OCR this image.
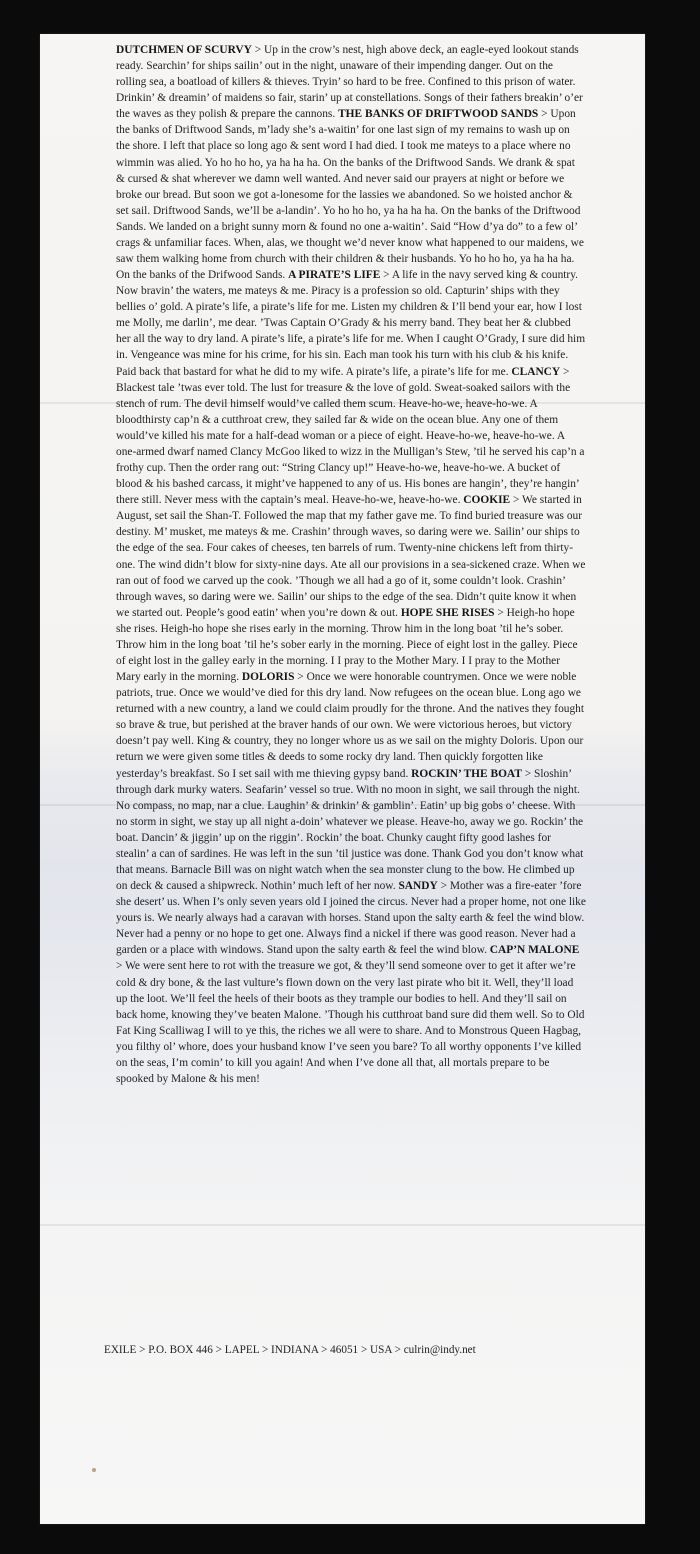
DUTCHMEN OF SCURVY > Up in the crow’s nest, high above deck, an eagle-eyed lookout stands ready. Searchin’ for ships sailin’ out in the night, unaware of their impending danger. Out on the rolling sea, a boatload of killers & thieves. Tryin’ so hard to be free. Confined to this prison of water. Drinkin’ & dreamin’ of maidens so fair, starin’ up at constellations. Songs of their fathers breakin’ o’er the waves as they polish & prepare the cannons. THE BANKS OF DRIFTWOOD SANDS > Upon the banks of Driftwood Sands, m’lady she’s a-waitin’ for one last sign of my remains to wash up on the shore. I left that place so long ago & sent word I had died. I took me mateys to a place where no wimmin was alied. Yo ho ho ho, ya ha ha ha. On the banks of the Driftwood Sands. We drank & spat & cursed & shat wherever we damn well wanted. And never said our prayers at night or before we broke our bread. But soon we got a-lonesome for the lassies we abandoned. So we hoisted anchor & set sail. Driftwood Sands, we’ll be a-landin’. Yo ho ho ho, ya ha ha ha. On the banks of the Driftwood Sands. We landed on a bright sunny morn & found no one a-waitin’. Said “How d’ya do” to a few ol’ crags & unfamiliar faces. When, alas, we thought we’d never know what happened to our maidens, we saw them walking home from church with their children & their husbands. Yo ho ho ho, ya ha ha ha. On the banks of the Drifwood Sands. A PIRATE’S LIFE > A life in the navy served king & country. Now bravin’ the waters, me mateys & me. Piracy is a profession so old. Capturin’ ships with they bellies o’ gold. A pirate’s life, a pirate’s life for me. Listen my children & I’ll bend your ear, how I lost me Molly, me darlin’, me dear. ’Twas Captain O’Grady & his merry band. They beat her & clubbed her all the way to dry land. A pirate’s life, a pirate’s life for me. When I caught O’Grady, I sure did him in. Vengeance was mine for his crime, for his sin. Each man took his turn with his club & his knife. Paid back that bastard for what he did to my wife. A pirate’s life, a pirate’s life for me. CLANCY > Blackest tale ’twas ever told. The lust for treasure & the love of gold. Sweat-soaked sailors with the stench of rum. The devil himself would’ve called them scum. Heave-ho-we, heave-ho-we. A bloodthirsty cap’n & a cutthroat crew, they sailed far & wide on the ocean blue. Any one of them would’ve killed his mate for a half-dead woman or a piece of eight. Heave-ho-we, heave-ho-we. A one-armed dwarf named Clancy McGoo liked to wizz in the Mulligan’s Stew, ’til he served his cap’n a frothy cup. Then the order rang out: “String Clancy up!” Heave-ho-we, heave-ho-we. A bucket of blood & his bashed carcass, it might’ve happened to any of us. His bones are hangin’, they’re hangin’ there still. Never mess with the captain’s meal. Heave-ho-we, heave-ho-we. COOKIE > We started in August, set sail the Shan-T. Followed the map that my father gave me. To find buried treasure was our destiny. M’ musket, me mateys & me. Crashin’ through waves, so daring were we. Sailin’ our ships to the edge of the sea. Four cakes of cheeses, ten barrels of rum. Twenty-nine chickens left from thirty-one. The wind didn’t blow for sixty-nine days. Ate all our provisions in a sea-sickened craze. When we ran out of food we carved up the cook. ’Though we all had a go of it, some couldn’t look. Crashin’ through waves, so daring were we. Sailin’ our ships to the edge of the sea. Didn’t quite know it when we started out. People’s good eatin’ when you’re down & out. HOPE SHE RISES > Heigh-ho hope she rises. Heigh-ho hope she rises early in the morning. Throw him in the long boat ’til he’s sober. Throw him in the long boat ’til he’s sober early in the morning. Piece of eight lost in the galley. Piece of eight lost in the galley early in the morning. I I pray to the Mother Mary. I I pray to the Mother Mary early in the morning. DOLORIS > Once we were honorable countrymen. Once we were noble patriots, true. Once we would’ve died for this dry land. Now refugees on the ocean blue. Long ago we returned with a new country, a land we could claim proudly for the throne. And the natives they fought so brave & true, but perished at the braver hands of our own. We were victorious heroes, but victory doesn’t pay well. King & country, they no longer whore us as we sail on the mighty Doloris. Upon our return we were given some titles & deeds to some rocky dry land. Then quickly forgotten like yesterday’s breakfast. So I set sail with me thieving gypsy band. ROCKIN’ THE BOAT > Sloshin’ through dark murky waters. Seafarin’ vessel so true. With no moon in sight, we sail through the night. No compass, no map, nar a clue. Laughin’ & drinkin’ & gamblin’. Eatin’ up big gobs o’ cheese. With no storm in sight, we stay up all night a-doin’ whatever we please. Heave-ho, away we go. Rockin’ the boat. Dancin’ & jiggin’ up on the riggin’. Rockin’ the boat. Chunky caught fifty good lashes for stealin’ a can of sardines. He was left in the sun ’til justice was done. Thank God you don’t know what that means. Barnacle Bill was on night watch when the sea monster clung to the bow. He climbed up on deck & caused a shipwreck. Nothin’ much left of her now. SANDY > Mother was a fire-eater ’fore she desert’ us. When I’s only seven years old I joined the circus. Never had a proper home, not one like yours is. We nearly always had a caravan with horses. Stand upon the salty earth & feel the wind blow. Never had a penny or no hope to get one. Always find a nickel if there was good reason. Never had a garden or a place with windows. Stand upon the salty earth & feel the wind blow. CAP’N MALONE > We were sent here to rot with the treasure we got, & they’ll send someone over to get it after we’re cold & dry bone, & the last vulture’s flown down on the very last pirate who bit it. Well, they’ll load up the loot. We’ll feel the heels of their boots as they trample our bodies to hell. And they’ll sail on back home, knowing they’ve beaten Malone. ’Though his cutthroat band sure did them well. So to Old Fat King Scalliwag I will to ye this, the riches we all were to share. And to Monstrous Queen Hagbag, you filthy ol’ whore, does your husband know I’ve seen you bare? To all worthy opponents I’ve killed on the seas, I’m comin’ to kill you again! And when I’ve done all that, all mortals prepare to be spooked by Malone & his men!
EXILE > P.O. BOX 446 > LAPEL > INDIANA > 46051 > USA > culrin@indy.net
